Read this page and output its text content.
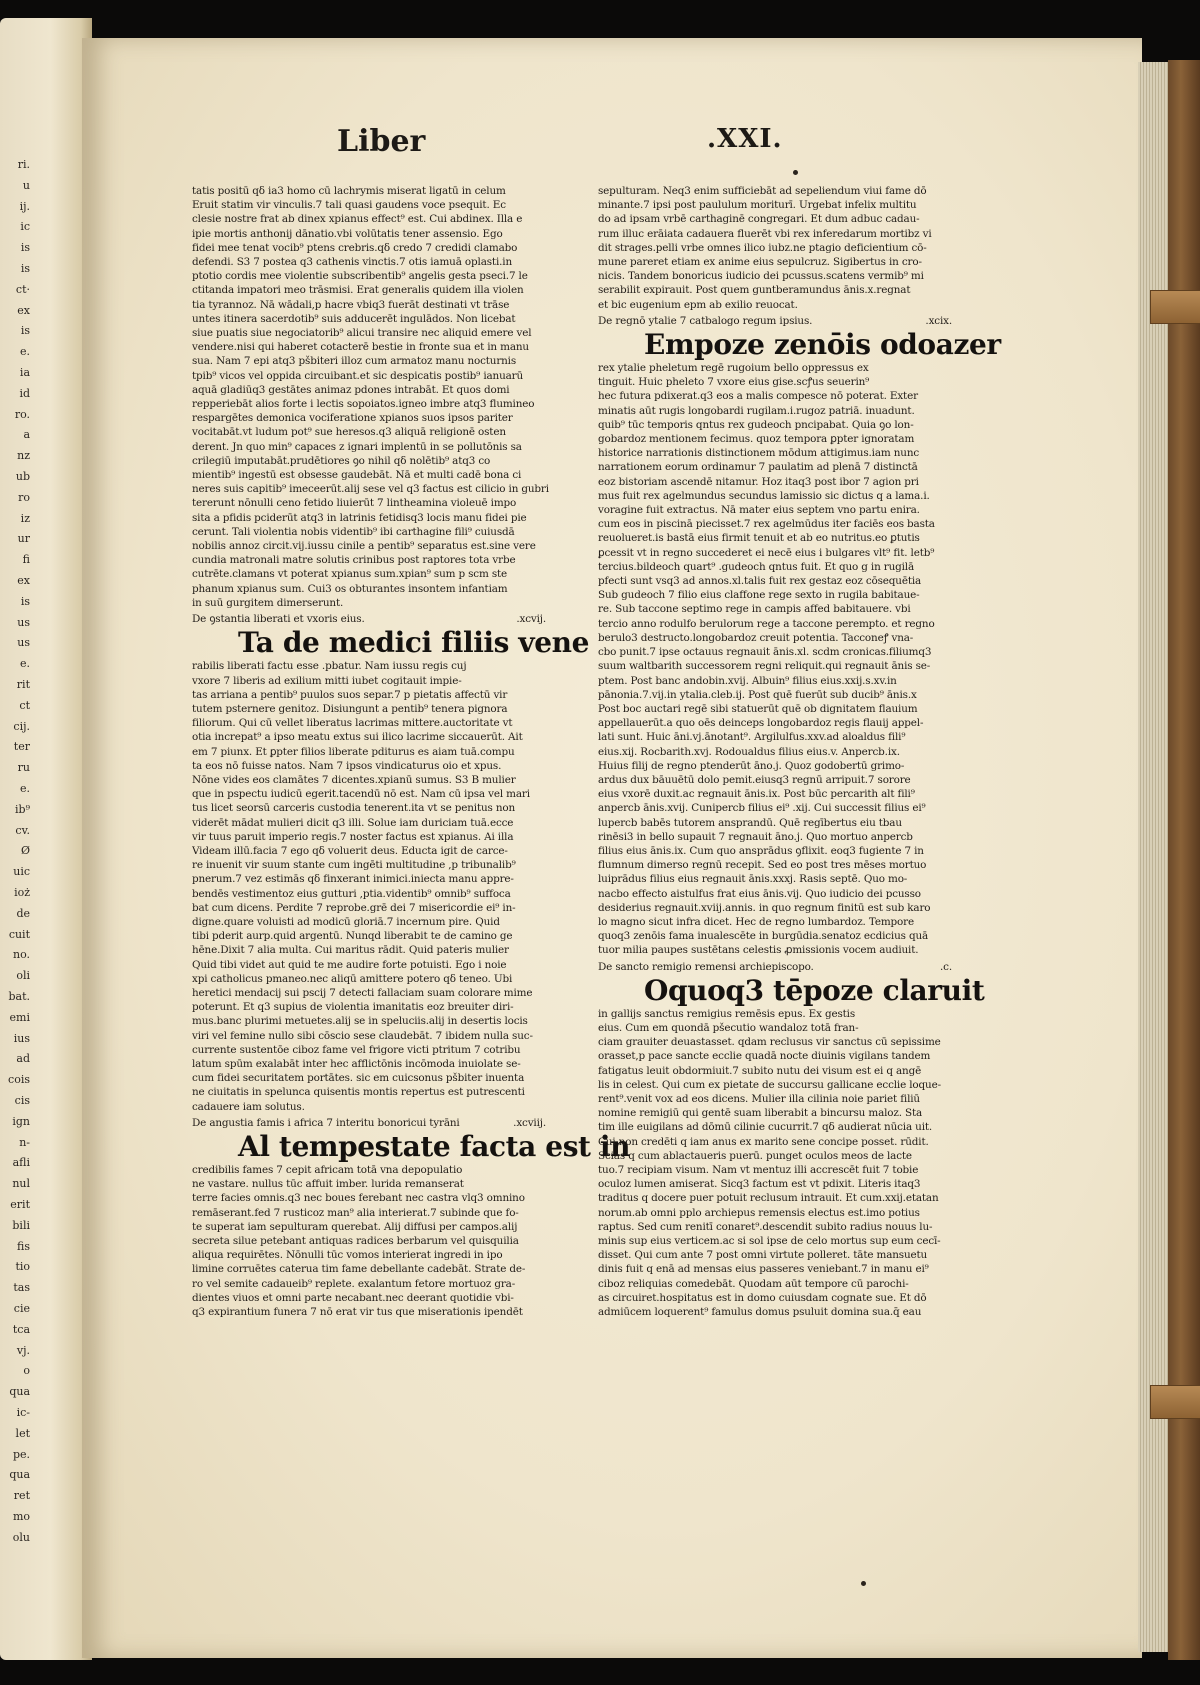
ri.
u
ij.
ic
is
is
ct·
ex
is
e.
ia
id
ro.
a
nz
ub
ro
iz
ur
fi
ex
is
us
us
e.
rit
ct
cij.
ter
ru
e.
ib⁹
cv.
Ø
uic
ioż
de
cuit
no.
oli
bat.
emi
ius
ad
cois
cis
ign
n-
afli
nul
erit
bili
fis
tio
tas
cie
tca
vj.
o
qua
ic-
let
pe.
qua
ret
mo
olu
Liber	.XXI.
tatis positū qδ ia3 homo cū lachrymis miserat ligatū in celum
Eruit statim vir vinculis.7 tali quasi gaudens voce psequit. Ec
clesie nostre frat ab dinex xpianus effect⁹ est. Cui abdinex. Illa e
ipie mortis anthonij dānatio.vbi volūtatis tener assensio. Ego
fidei mee tenat vocib⁹ ptens crebris.qδ credo 7 credidi clamabo
defendi. S3 7 postea q3 cathenis vinctis.7 otis iamuā oplasti.in
ptotio cordis mee violentie subscribentib⁹ angelis gesta pseci.7 le
ctitanda impatori meo trāsmisi. Erat generalis quidem illa violen
tia tyrannoz. Nā wādali,p hacre vbiq3 fuerāt destinati vt trāse
untes itinera sacerdotib⁹ suis adducerēt ingulādos. Non licebat
siue puatis siue negociatorib⁹ alicui transire nec aliquid emere vel
vendere.nisi qui haberet cotacterē bestie in fronte sua et in manu
sua. Nam 7 epi atq3 pšbiteri illoz cum armatoz manu nocturnis
tpib⁹ vicos vel oppida circuibant.et sic despicatis postib⁹ ianuarū
aquā gladiūq3 gestātes animaz pdones intrabāt. Et quos domi
repperiebāt alios forte i lectis sopoiatos.igneo imbre atq3 flumineo
respargētes demonica vociferatione xpianos suos ipsos pariter
vocitabāt.vt ludum pot⁹ sue heresos.q3 aliquā religionē osten
derent. Jn quo min⁹ capaces z ignari implentū in se pollutōnis sa
crilegiū imputabāt.prudētiores ꝯo nihil qδ nolētib⁹ atq3 co
mientib⁹ ingestū est obsesse gaudebāt. Nā et multi cadē bona ci
neres suis capitib⁹ imeceerūt.alij sese vel q3 factus est cilicio in gubri
tererunt nōnulli ceno fetido liuierūt 7 lintheamina violeuē impo
sita a pfidis pciderūt atq3 in latrinis fetidisq3 locis manu fidei pie
cerunt. Tali violentia nobis videntib⁹ ibi carthagine fili⁹ cuiusdā
nobilis annoz circit.vij.iussu cinile a pentib⁹ separatus est.sine vere
cundia matronali matre solutis crinibus post raptores tota vrbe
cutrēte.clamans vt poterat xpianus sum.xpian⁹ sum p scm ste
phanum xpianus sum. Cui3 os obturantes insontem infantiam
in suū gurgitem dimerserunt.
.xcvij.
De ꝯstantia liberati et vxoris eius.
Ta de medici filiis vene
rabilis liberati factu esse .pbatur. Nam iussu regis cuj
vxore 7 liberis ad exilium mitti iubet cogitauit impie-
tas arriana a pentib⁹ puulos suos separ.7 p pietatis affectū vir
tutem psternere genitoz. Disiungunt a pentib⁹ tenera pignora
filiorum. Qui cū vellet liberatus lacrimas mittere.auctoritate vt
otia increpat⁹ a ipso meatu extus sui ilico lacrime siccauerūt. Ait
em 7 piunx. Et ꝑpter filios liberate pditurus es aiam tuā.compu
ta eos nō fuisse natos. Nam 7 ipsos vindicaturus oio et xpus.
Nōne vides eos clamātes 7 dicentes.xpianū sumus. S3 B mulier
que in pspectu iudicū egerit.tacendū nō est. Nam cū ipsa vel mari
tus licet seorsū carceris custodia tenerent.ita vt se penitus non
viderēt mādat mulieri dicit q3 illi. Solue iam duriciam tuā.ecce
vir tuus paruit imperio regis.7 noster factus est xpianus. Ai illa
Videam illū.facia 7 ego qδ voluerit deus. Educta igit de carce-
re inuenit vir suum stante cum ingēti multitudine ,p tribunalib⁹
pnerum.7 vez estimās qδ finxerant inimici.iniecta manu appre-
bendēs vestimentoz eius gutturi ,ptia.videntib⁹ omnib⁹ suffoca
bat cum dicens. Perdite 7 reprobe.grē dei 7 misericordie ei⁹ in-
digne.quare voluisti ad modicū gloriā.7 incernum pire. Quid
tibi pderit aurp.quid argentū. Nunqd liberabit te de camino ge
hēne.Dixit 7 alia multa. Cui maritus rādit. Quid pateris mulier
Quid tibi videt aut quid te me audire forte potuisti. Ego i noie
xpi catholicus pmaneo.nec aliqū amittere potero qδ teneo. Ubi
heretici mendacij sui pscij 7 detecti fallaciam suam colorare mime
poterunt. Et q3 supius de violentia imanitatis eoz breuiter diri-
mus.banc plurimi metuetes.alij se in speluciis.alij in desertis locis
viri vel femine nullo sibi cōscio sese claudebāt. 7 ibidem nulla suc-
currente sustentōe ciboz fame vel frigore victi ptritum 7 cotribu
latum spūm exalabāt inter hec afflictōnis incōmoda inuiolate se-
cum fidei securitatem portātes. sic em cuicsonus pšbiter inuenta
ne ciuitatis in spelunca quisentis montis repertus est putrescenti
cadauere iam solutus.
.xcviij.
De angustia famis i africa 7 interitu bonoricui tyrāni
Al tempestate facta est in
credibilis fames 7 cepit africam totā vna depopulatio
ne vastare. nullus tūc affuit imber. lurida remanserat
terre facies omnis.q3 nec boues ferebant nec castra vlq3 omnino
remāserant.fed 7 rusticoz man⁹ alia interierat.7 subinde que fo-
te superat iam sepulturam querebat. Alij diffusi per campos.alij
secreta silue petebant antiquas radices berbarum vel quisquilia
aliqua requirētes. Nōnulli tūc vomos interierat ingredi in ipo
limine corruētes caterua tim fame debellante cadebāt. Strate de-
ro vel semite cadaueib⁹ replete. exalantum fetore mortuoz gra-
dientes viuos et omni parte necabant.nec deerant quotidie vbi-
q3 expirantium funera 7 nō erat vir tus que miserationis ipendēt
sepulturam. Neq3 enim sufficiebāt ad sepeliendum viui fame dō
minante.7 ipsi post paululum moriturī. Urgebat infelix multitu
do ad ipsam vrbē carthaginē congregari. Et dum adbuc cadau-
rum illuc erāiata cadauera fluerēt vbi rex inferedarum mortibz vi
dit strages.pelli vrbe omnes ilico iubz.ne ptagio deficientium cō-
mune pareret etiam ex anime eius sepulcruz. Sigibertus in cro-
nicis. Tandem bonoricus iudicio dei pcussus.scatens vermib⁹ mi
serabilit expirauit. Post quem guntberamundus ānis.x.regnat
et bic eugenium epm ab exilio reuocat.
.xcix.
De regnō ytalie 7 catbalogo regum ipsius.
Empoze zenōis odoazer
rex ytalie pheletum regē rugoium bello oppressus ex
tinguit. Huic pheleto 7 vxore eius gise.scꝭus seuerin⁹
hec futura pdixerat.q3 eos a malis compesce nō poterat. Exter
minatis aūt rugis longobardi rugilam.i.rugoz patriā. inuadunt.
quib⁹ tūc temporis qntus rex gudeoch pncipabat. Quia ꝯo lon-
gobardoz mentionem fecimus. quoz tempora ꝑpter ignoratam
historice narrationis distinctionem mōdum attigimus.iam nunc
narrationem eorum ordinamur 7 paulatim ad plenā 7 distinctā
eoz bistoriam ascendē nitamur. Hoz itaq3 post ibor 7 agion pri
mus fuit rex agelmundus secundus lamissio sic dictus q a lama.i.
voragine fuit extractus. Nā mater eius septem vno partu enira.
cum eos in piscinā piecisset.7 rex agelmūdus iter faciēs eos basta
reuolueret.is bastā eius firmit tenuit et ab eo nutritus.eo ꝑtutis
ꝑcessit vt in regno succederet ei necē eius i bulgares vlt⁹ fit. letb⁹
tercius.bildeoch quart⁹ .gudeoch qntus fuit. Et quo g in rugilā
pfecti sunt vsq3 ad annos.xl.talis fuit rex gestaz eoz cōsequētia
Sub gudeoch 7 filio eius claffone rege sexto in rugila babitaue-
re. Sub taccone septimo rege in campis affed babitauere. vbi
tercio anno rodulfo berulorum rege a taccone perempto. et regno
berulo3 destructo.longobardoz creuit potentia. Tacconeꝭ vna-
cbo punit.7 ipse octauus regnauit ānis.xl. scdm cronicas.filiumq3
suum waltbarith successorem regni reliquit.qui regnauit ānis se-
ptem. Post banc andobin.xvij. Albuin⁹ filius eius.xxij.s.xv.in
pānonia.7.vij.in ytalia.cleb.ij. Post quē fuerūt sub ducib⁹ ānis.x
Post boc auctari regē sibi statuerūt quē ob dignitatem flauium
appellauerūt.a quo oēs deinceps longobardoz regis flauij appel-
lati sunt. Huic āni.vj.ānotant⁹. Argilulfus.xxv.ad aloaldus fili⁹
eius.xij. Rocbarith.xvj. Rodoualdus filius eius.v. Anpercb.ix.
Huius filij de regno ptenderūt āno.j. Quoz godobertū grimo-
ardus dux bāuuētū dolo pemit.eiusq3 regnū arripuit.7 sorore
eius vxorē duxit.ac regnauit ānis.ix. Post būc percarith alt fili⁹
anpercb ānis.xvij. Cunipercb filius ei⁹ .xij. Cui successit filius ei⁹
lupercb babēs tutorem ansprandū. Quē regībertus eiu tbau
rinēsi3 in bello supauit 7 regnauit āno.j. Quo mortuo anpercb
filius eius ānis.ix. Cum quo ansprādus ꝯflixit. eoq3 fugiente 7 in
flumnum dimerso regnū recepit. Sed eo post tres mēses mortuo
luiprādus filius eius regnauit ānis.xxxj. Rasis septē. Quo mo-
nacbo effecto aistulfus frat eius ānis.vij. Quo iudicio dei pcusso
desiderius regnauit.xviij.annis. in quo regnum finitū est sub karo
lo magno sicut infra dicet. Hec de regno lumbardoz. Tempore
quoq3 zenōis fama inualescēte in burgūdia.senatoz ecdicius quā
tuor milia paupes sustētans celestis ꝓmissionis vocem audiuit.
.c.
De sancto remigio remensi archiepiscopo.
Oquoq3 tēpoze claruit
in gallijs sanctus remigius remēsis epus. Ex gestis
eius. Cum em quondā pšecutio wandaloz totā fran-
ciam grauiter deuastasset. qdam reclusus vir sanctus cū sepissime
orasset,p pace sancte ecclie quadā nocte diuinis vigilans tandem
fatigatus leuit obdormiuit.7 subito nutu dei visum est ei q angē
lis in celest. Qui cum ex pietate de succursu gallicane ecclie loque-
rent⁹.venit vox ad eos dicens. Mulier illa cilinia noie pariet filiū
nomine remigiū qui gentē suam liberabit a bincursu maloz. Sta
tim ille euigilans ad dōmū cilinie cucurrit.7 qδ audierat nūcia uit.
Cui non credēti q iam anus ex marito sene concipe posset. rūdit.
Scias q cum ablactaueris puerū. punget oculos meos de lacte
tuo.7 recipiam visum. Nam vt mentuz illi accrescēt fuit 7 tobie
oculoz lumen amiserat. Sicq3 factum est vt pdixit. Literis itaq3
traditus q docere puer potuit reclusum intrauit. Et cum.xxij.etatan
norum.ab omni pplo archiepus remensis electus est.imo potius
raptus. Sed cum renitī conaret⁹.descendit subito radius nouus lu-
minis sup eius verticem.ac si sol ipse de celo mortus sup eum cecī-
disset. Qui cum ante 7 post omni virtute polleret. tāte mansuetu
dinis fuit q enā ad mensas eius passeres veniebant.7 in manu ei⁹
ciboz reliquias comedebāt. Quodam aūt tempore cū parochi-
as circuiret.hospitatus est in domo cuiusdam cognate sue. Et dō
admiūcem loquerent⁹ famulus domus psuluit domina sua.q̄ eau
